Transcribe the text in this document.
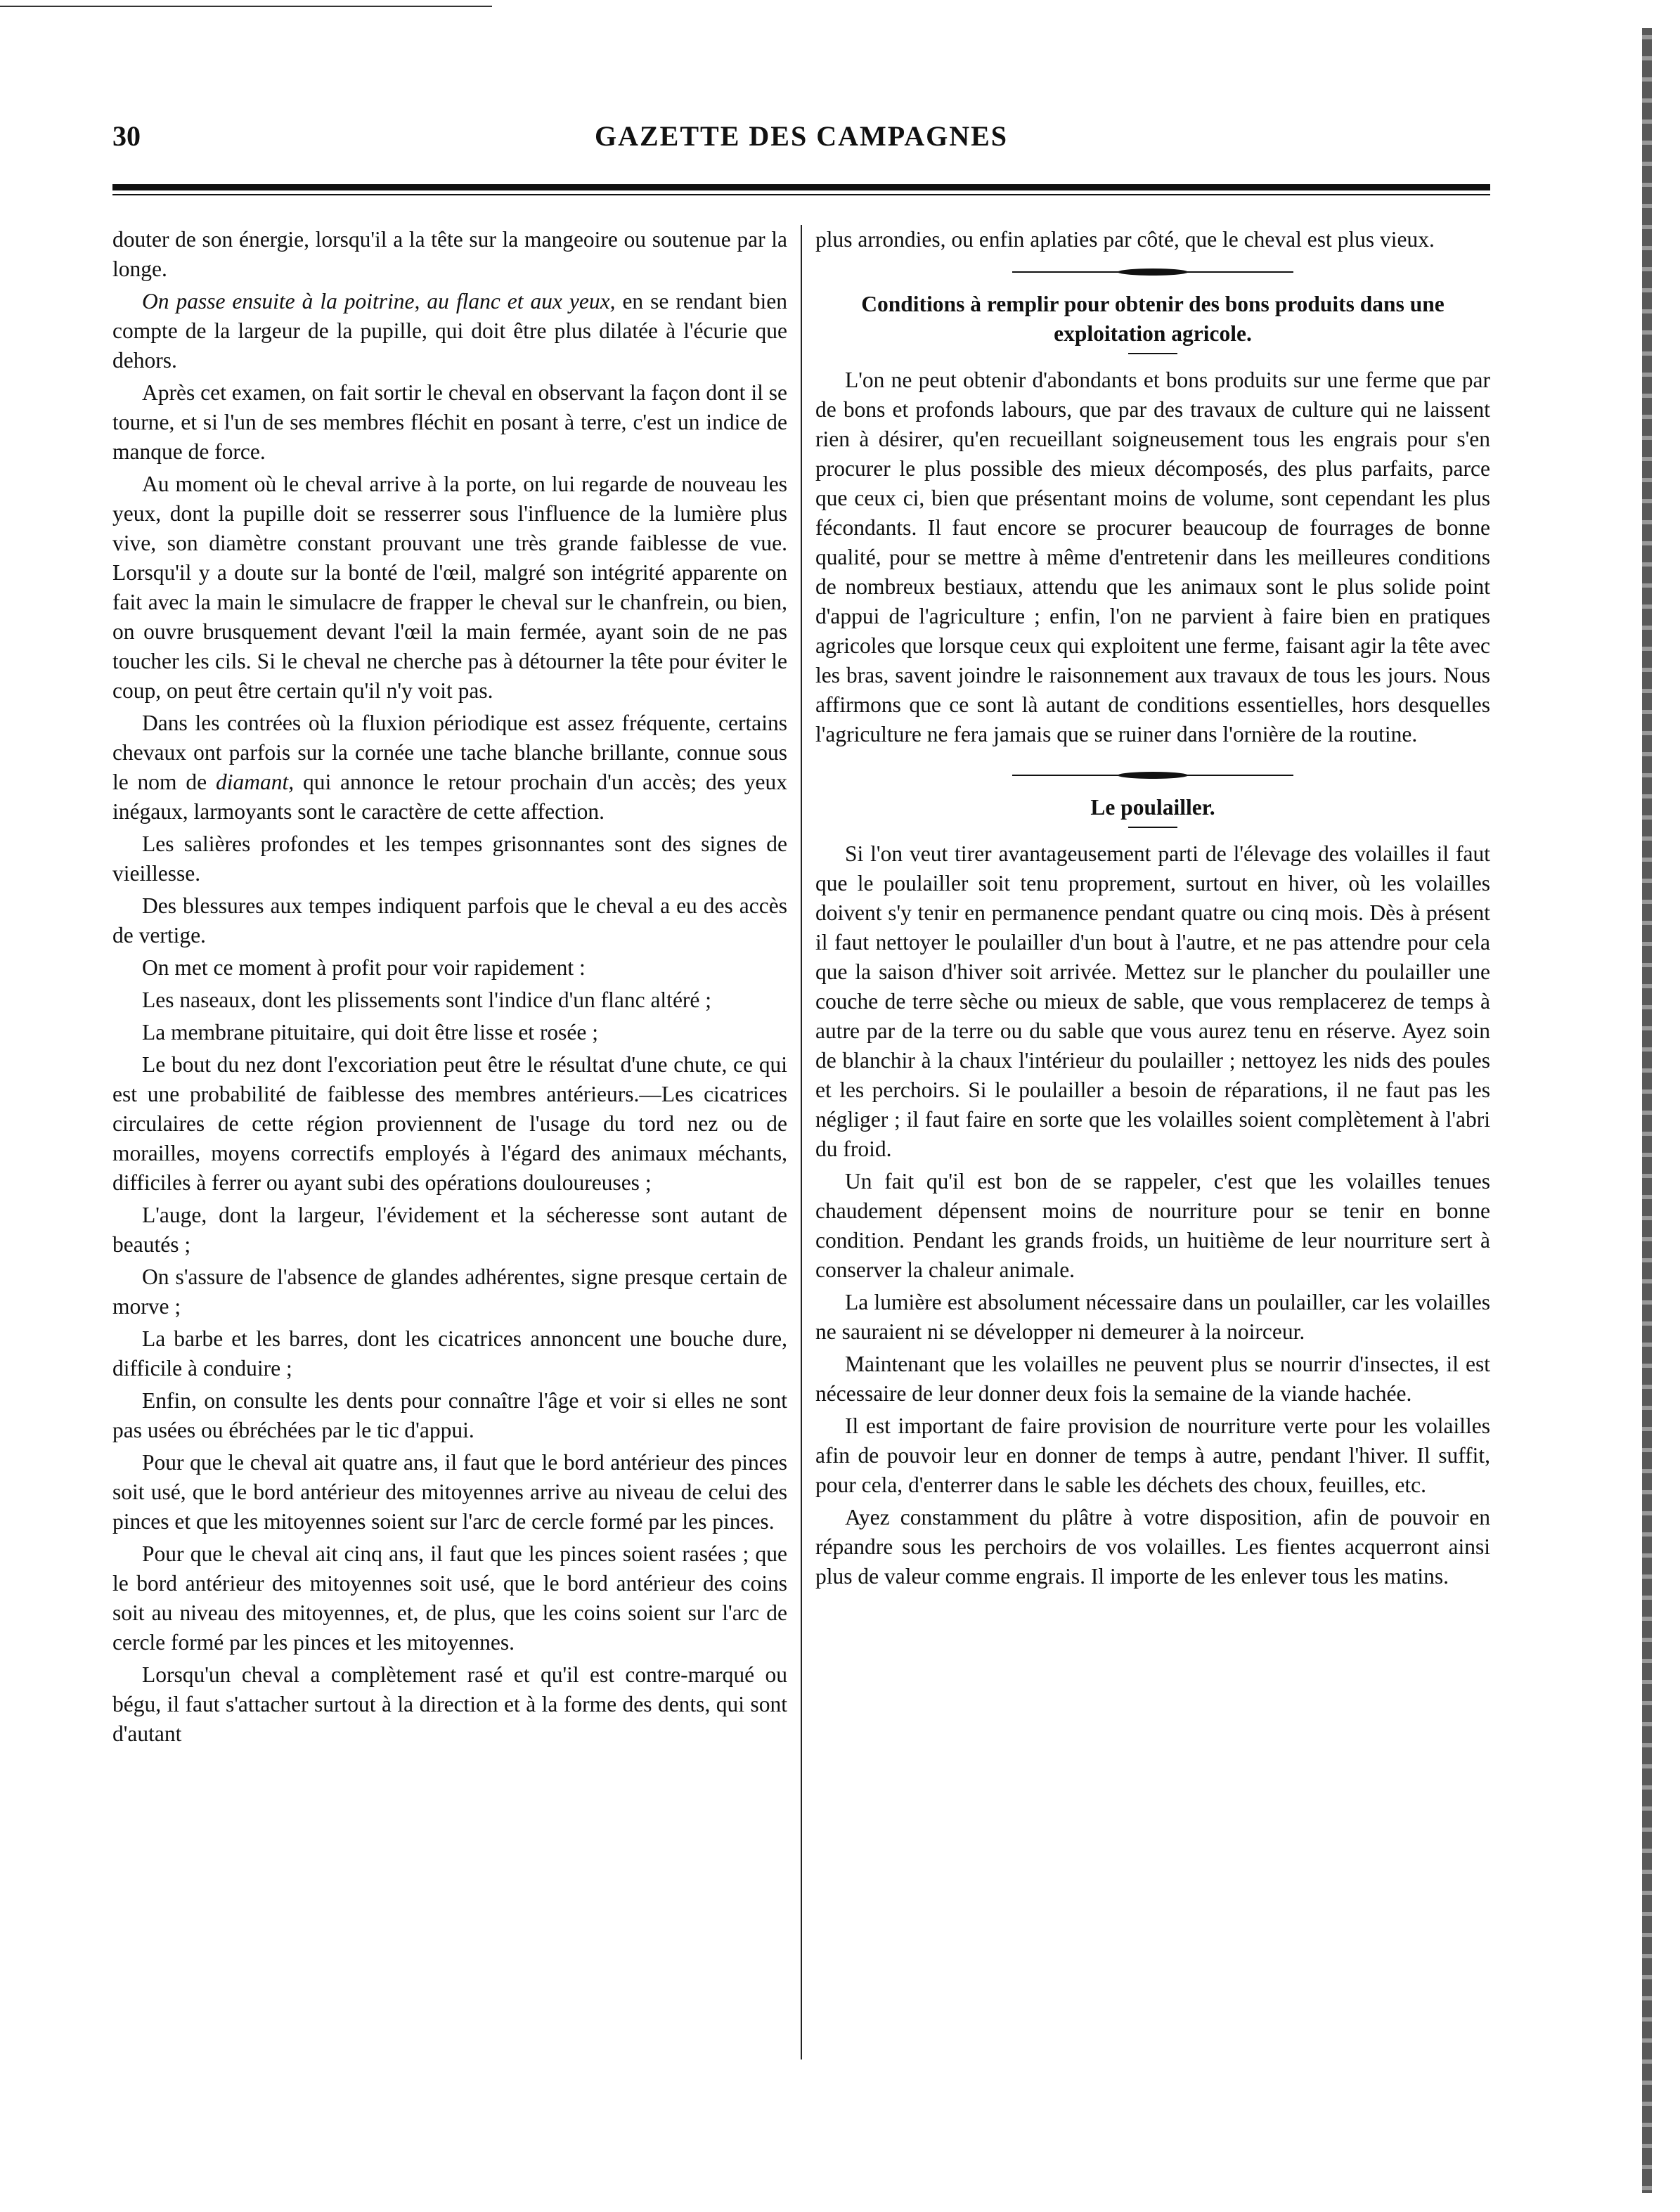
30	GAZETTE DES CAMPAGNES

douter de son énergie, lorsqu'il a la tête sur la mangeoire ou soutenue par la longe.

On passe ensuite à la poitrine, au flanc et aux yeux, en se rendant bien compte de la largeur de la pupille, qui doit être plus dilatée à l'écurie que dehors.

Après cet examen, on fait sortir le cheval en observant la façon dont il se tourne, et si l'un de ses membres fléchit en posant à terre, c'est un indice de manque de force.

Au moment où le cheval arrive à la porte, on lui regarde de nouveau les yeux, dont la pupille doit se resserrer sous l'influence de la lumière plus vive, son diamètre constant prouvant une très grande faiblesse de vue. Lorsqu'il y a doute sur la bonté de l'œil, malgré son intégrité apparente on fait avec la main le simulacre de frapper le cheval sur le chanfrein, ou bien, on ouvre brusquement devant l'œil la main fermée, ayant soin de ne pas toucher les cils. Si le cheval ne cherche pas à détourner la tête pour éviter le coup, on peut être certain qu'il n'y voit pas.

Dans les contrées où la fluxion périodique est assez fréquente, certains chevaux ont parfois sur la cornée une tache blanche brillante, connue sous le nom de diamant, qui annonce le retour prochain d'un accès; des yeux inégaux, larmoyants sont le caractère de cette affection.

Les salières profondes et les tempes grisonnantes sont des signes de vieillesse.

Des blessures aux tempes indiquent parfois que le cheval a eu des accès de vertige.

On met ce moment à profit pour voir rapidement :

Les naseaux, dont les plissements sont l'indice d'un flanc altéré ;

La membrane pituitaire, qui doit être lisse et rosée ;

Le bout du nez dont l'excoriation peut être le résultat d'une chute, ce qui est une probabilité de faiblesse des membres antérieurs.—Les cicatrices circulaires de cette région proviennent de l'usage du tord nez ou de morailles, moyens correctifs employés à l'égard des animaux méchants, difficiles à ferrer ou ayant subi des opérations douloureuses ;

L'auge, dont la largeur, l'évidement et la sécheresse sont autant de beautés ;

On s'assure de l'absence de glandes adhérentes, signe presque certain de morve ;

La barbe et les barres, dont les cicatrices annoncent une bouche dure, difficile à conduire ;

Enfin, on consulte les dents pour connaître l'âge et voir si elles ne sont pas usées ou ébréchées par le tic d'appui.

Pour que le cheval ait quatre ans, il faut que le bord antérieur des pinces soit usé, que le bord antérieur des mitoyennes arrive au niveau de celui des pinces et que les mitoyennes soient sur l'arc de cercle formé par les pinces.

Pour que le cheval ait cinq ans, il faut que les pinces soient rasées ; que le bord antérieur des mitoyennes soit usé, que le bord antérieur des coins soit au niveau des mitoyennes, et, de plus, que les coins soient sur l'arc de cercle formé par les pinces et les mitoyennes.

Lorsqu'un cheval a complètement rasé et qu'il est contre-marqué ou bégu, il faut s'attacher surtout à la direction et à la forme des dents, qui sont d'autant

plus arrondies, ou enfin aplaties par côté, que le cheval est plus vieux.

Conditions à remplir pour obtenir des bons produits dans une exploitation agricole.

L'on ne peut obtenir d'abondants et bons produits sur une ferme que par de bons et profonds labours, que par des travaux de culture qui ne laissent rien à désirer, qu'en recueillant soigneusement tous les engrais pour s'en procurer le plus possible des mieux décomposés, des plus parfaits, parce que ceux ci, bien que présentant moins de volume, sont cependant les plus fécondants. Il faut encore se procurer beaucoup de fourrages de bonne qualité, pour se mettre à même d'entretenir dans les meilleures conditions de nombreux bestiaux, attendu que les animaux sont le plus solide point d'appui de l'agriculture ; enfin, l'on ne parvient à faire bien en pratiques agricoles que lorsque ceux qui exploitent une ferme, faisant agir la tête avec les bras, savent joindre le raisonnement aux travaux de tous les jours. Nous affirmons que ce sont là autant de conditions essentielles, hors desquelles l'agriculture ne fera jamais que se ruiner dans l'ornière de la routine.

Le poulailler.

Si l'on veut tirer avantageusement parti de l'élevage des volailles il faut que le poulailler soit tenu proprement, surtout en hiver, où les volailles doivent s'y tenir en permanence pendant quatre ou cinq mois. Dès à présent il faut nettoyer le poulailler d'un bout à l'autre, et ne pas attendre pour cela que la saison d'hiver soit arrivée. Mettez sur le plancher du poulailler une couche de terre sèche ou mieux de sable, que vous remplacerez de temps à autre par de la terre ou du sable que vous aurez tenu en réserve. Ayez soin de blanchir à la chaux l'intérieur du poulailler ; nettoyez les nids des poules et les perchoirs. Si le poulailler a besoin de réparations, il ne faut pas les négliger ; il faut faire en sorte que les volailles soient complètement à l'abri du froid.

Un fait qu'il est bon de se rappeler, c'est que les volailles tenues chaudement dépensent moins de nourriture pour se tenir en bonne condition. Pendant les grands froids, un huitième de leur nourriture sert à conserver la chaleur animale.

La lumière est absolument nécessaire dans un poulailler, car les volailles ne sauraient ni se développer ni demeurer à la noirceur.

Maintenant que les volailles ne peuvent plus se nourrir d'insectes, il est nécessaire de leur donner deux fois la semaine de la viande hachée.

Il est important de faire provision de nourriture verte pour les volailles afin de pouvoir leur en donner de temps à autre, pendant l'hiver. Il suffit, pour cela, d'enterrer dans le sable les déchets des choux, feuilles, etc.

Ayez constamment du plâtre à votre disposition, afin de pouvoir en répandre sous les perchoirs de vos volailles. Les fientes acquerront ainsi plus de valeur comme engrais. Il importe de les enlever tous les matins.
